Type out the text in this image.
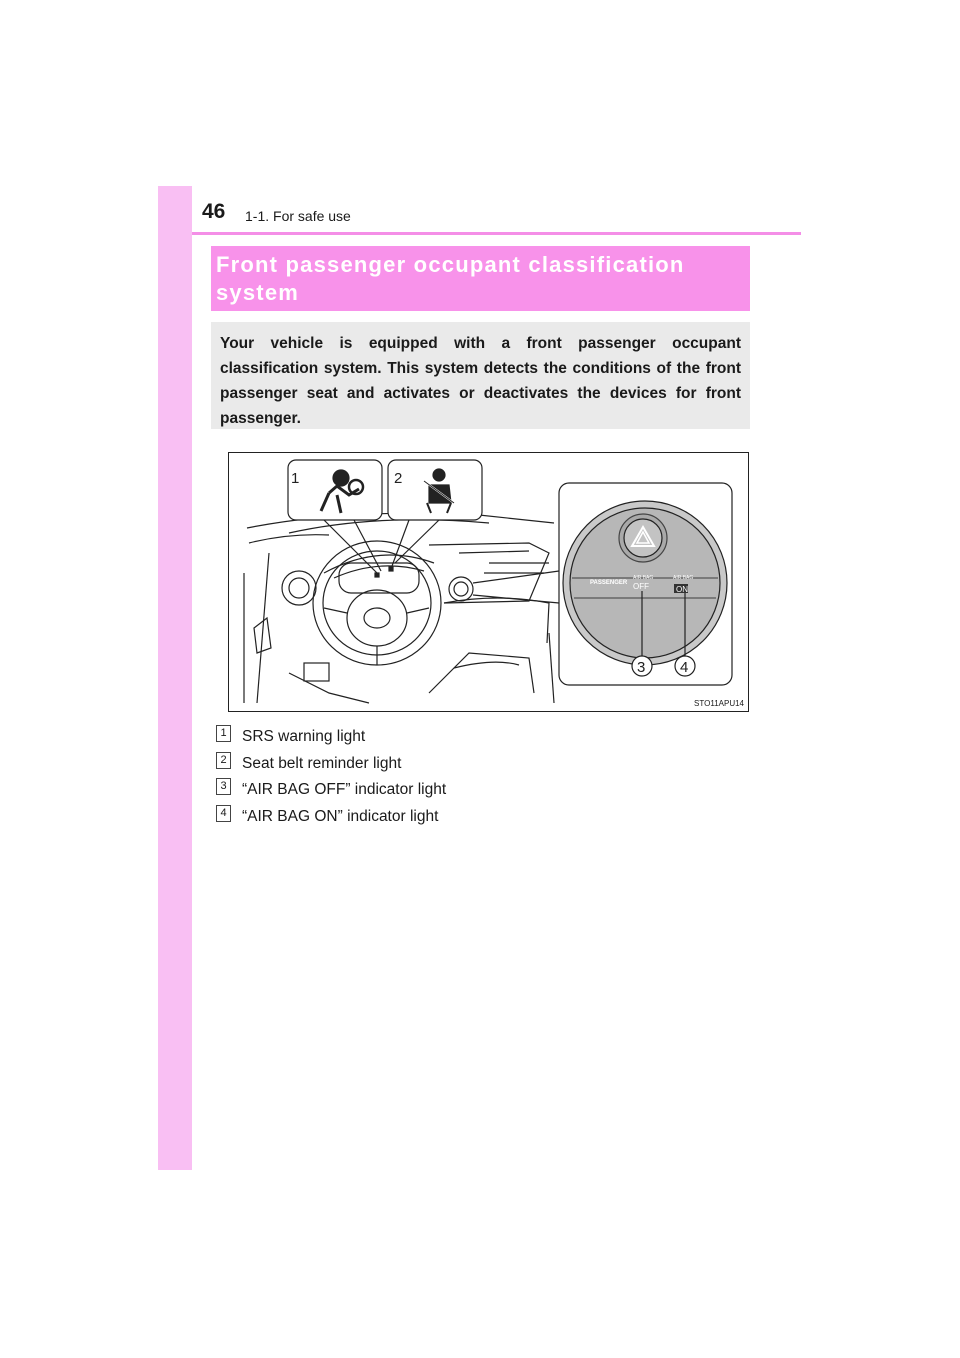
46 1-1. For safe use
Front passenger occupant classification
system

Your vehicle is equipped with a front passenger occupant classification system. This system detects the conditions of the front passenger seat and activates or deactivates the devices for front passenger.

1	2
3 4
PASSENGER
AIR BAG
OFF
AIR BAG
ON
STO11APU14
1 SRS warning light
2 Seat belt reminder light
3 “AIR BAG OFF” indicator light
4 “AIR BAG ON” indicator light
